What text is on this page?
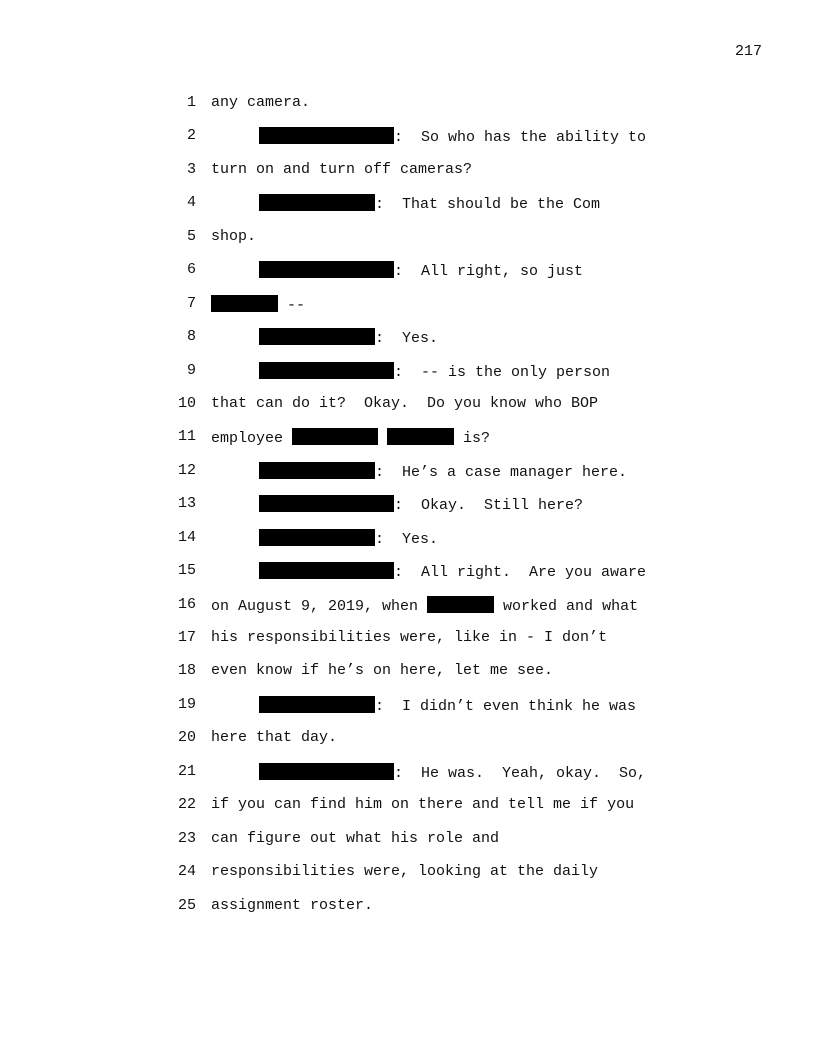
217

1

any camera.

2

	:  So who has the ability to

3

turn on and turn off cameras?

4

	:  That should be the Com

5

shop.

6

	:  All right, so just

7

	--

8

	:  Yes.

9

	:  -- is the only person

10

that can do it?  Okay.  Do you know who BOP

11

employee	is?

12

	:  He’s a case manager here.

13

	:  Okay.  Still here?

14

	:  Yes.

15

	:  All right.  Are you aware

16

on August 9, 2019, when	worked and what

17

his responsibilities were, like in - I don’t

18

even know if he’s on here, let me see.

19

	:  I didn’t even think he was

20

here that day.

21

	:  He was.  Yeah, okay.  So,

22

if you can find him on there and tell me if you

23

can figure out what his role and

24

responsibilities were, looking at the daily

25

assignment roster.
